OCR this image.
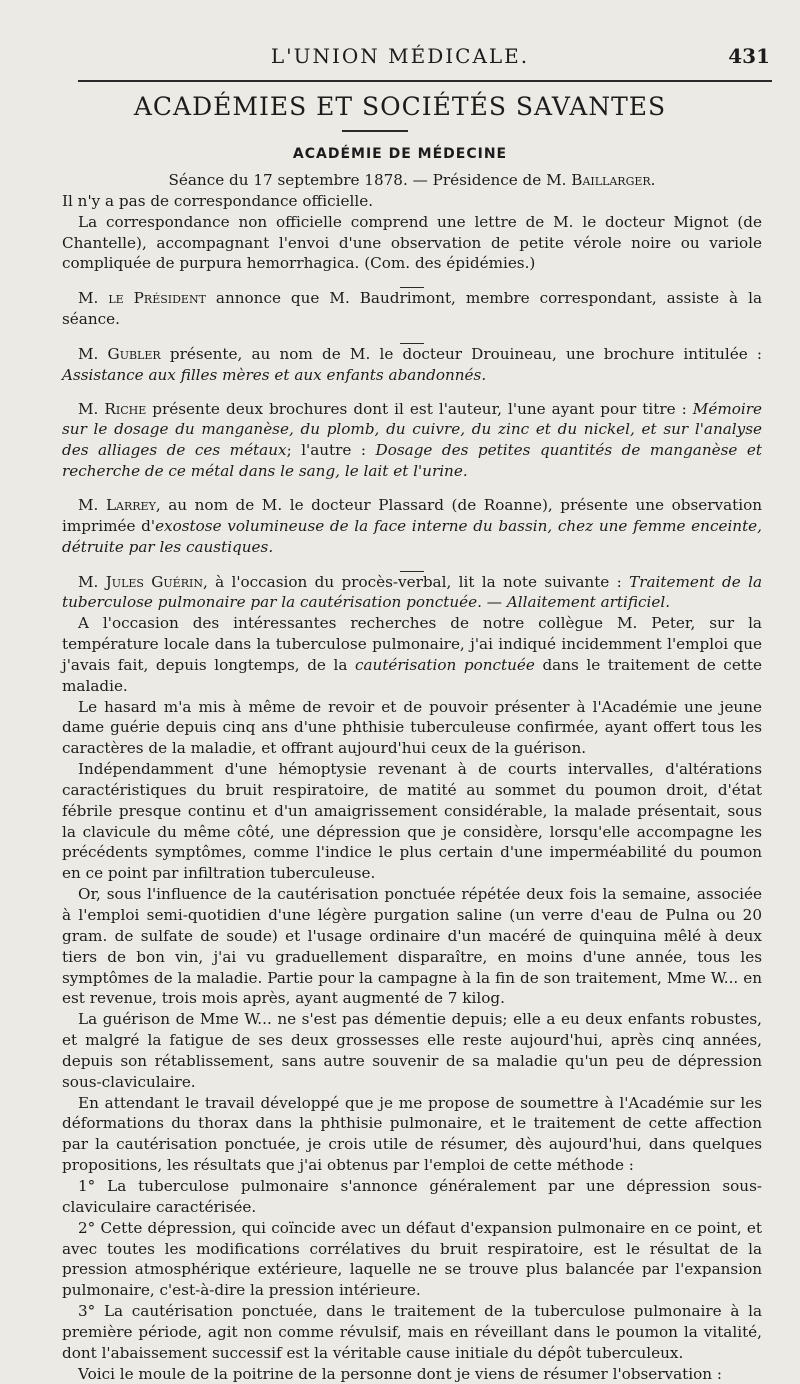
L'UNION MÉDICALE.	431
ACADÉMIES ET SOCIÉTÉS SAVANTES
ACADÉMIE DE MÉDECINE

Séance du 17 septembre 1878. — Présidence de M. Baillarger.

Il n'y a pas de correspondance officielle.

La correspondance non officielle comprend une lettre de M. le docteur Mignot (de Chantelle), accompagnant l'envoi d'une observation de petite vérole noire ou variole compliquée de purpura hemorrhagica. (Com. des épidémies.)

M. le Président annonce que M. Baudrimont, membre correspondant, assiste à la séance.

M. Gubler présente, au nom de M. le docteur Drouineau, une brochure intitulée : Assistance aux filles mères et aux enfants abandonnés.

M. Riche présente deux brochures dont il est l'auteur, l'une ayant pour titre : Mémoire sur le dosage du manganèse, du plomb, du cuivre, du zinc et du nickel, et sur l'analyse des alliages de ces métaux; l'autre : Dosage des petites quantités de manganèse et recherche de ce métal dans le sang, le lait et l'urine.

M. Larrey, au nom de M. le docteur Plassard (de Roanne), présente une observation imprimée d'exostose volumineuse de la face interne du bassin, chez une femme enceinte, détruite par les caustiques.

M. Jules Guérin, à l'occasion du procès-verbal, lit la note suivante : Traitement de la tuberculose pulmonaire par la cautérisation ponctuée. — Allaitement artificiel.

A l'occasion des intéressantes recherches de notre collègue M. Peter, sur la température locale dans la tuberculose pulmonaire, j'ai indiqué incidemment l'emploi que j'avais fait, depuis longtemps, de la cautérisation ponctuée dans le traitement de cette maladie.

Le hasard m'a mis à même de revoir et de pouvoir présenter à l'Académie une jeune dame guérie depuis cinq ans d'une phthisie tuberculeuse confirmée, ayant offert tous les caractères de la maladie, et offrant aujourd'hui ceux de la guérison.

Indépendamment d'une hémoptysie revenant à de courts intervalles, d'altérations caractéristiques du bruit respiratoire, de matité au sommet du poumon droit, d'état fébrile presque continu et d'un amaigrissement considérable, la malade présentait, sous la clavicule du même côté, une dépression que je considère, lorsqu'elle accompagne les précédents symptômes, comme l'indice le plus certain d'une imperméabilité du poumon en ce point par infiltration tuberculeuse.

Or, sous l'influence de la cautérisation ponctuée répétée deux fois la semaine, associée à l'emploi semi-quotidien d'une légère purgation saline (un verre d'eau de Pulna ou 20 gram. de sulfate de soude) et l'usage ordinaire d'un macéré de quinquina mêlé à deux tiers de bon vin, j'ai vu graduellement disparaître, en moins d'une année, tous les symptômes de la maladie. Partie pour la campagne à la fin de son traitement, Mme W... en est revenue, trois mois après, ayant augmenté de 7 kilog.

La guérison de Mme W... ne s'est pas démentie depuis; elle a eu deux enfants robustes, et malgré la fatigue de ses deux grossesses elle reste aujourd'hui, après cinq années, depuis son rétablissement, sans autre souvenir de sa maladie qu'un peu de dépression sous-claviculaire.

En attendant le travail développé que je me propose de soumettre à l'Académie sur les déformations du thorax dans la phthisie pulmonaire, et le traitement de cette affection par la cautérisation ponctuée, je crois utile de résumer, dès aujourd'hui, dans quelques propositions, les résultats que j'ai obtenus par l'emploi de cette méthode :

1° La tuberculose pulmonaire s'annonce généralement par une dépression sous-claviculaire caractérisée.

2° Cette dépression, qui coïncide avec un défaut d'expansion pulmonaire en ce point, et avec toutes les modifications corrélatives du bruit respiratoire, est le résultat de la pression atmosphérique extérieure, laquelle ne se trouve plus balancée par l'expansion pulmonaire, c'est-à-dire la pression intérieure.

3° La cautérisation ponctuée, dans le traitement de la tuberculose pulmonaire à la première période, agit non comme révulsif, mais en réveillant dans le poumon la vitalité, dont l'abaissement successif est la véritable cause initiale du dépôt tuberculeux.

Voici le moule de la poitrine de la personne dont je viens de résumer l'observation :
